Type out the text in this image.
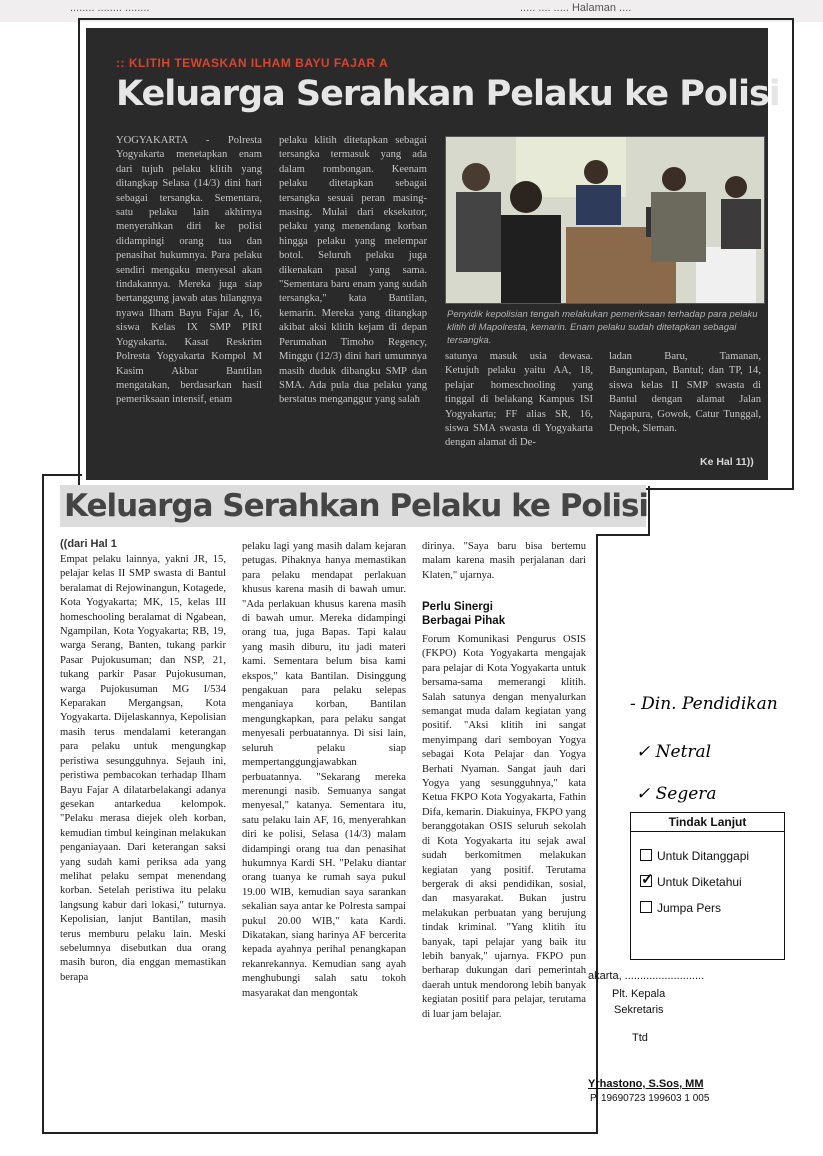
........ ........ ........	..... .... ..... Halaman ....
:: KLITIH TEWASKAN ILHAM BAYU FAJAR A
Keluarga Serahkan Pelaku ke Polisi
YOGYAKARTA - Polresta Yogyakarta menetapkan enam dari tujuh pelaku klitih yang ditangkap Selasa (14/3) dini hari sebagai tersangka. Sementara, satu pelaku lain akhirnya menyerahkan diri ke polisi didampingi orang tua dan penasihat hukumnya. Para pelaku sendiri mengaku menyesal akan tindakannya. Mereka juga siap bertanggung jawab atas hilangnya nyawa Ilham Bayu Fajar A, 16, siswa Kelas IX SMP PIRI Yogyakarta. Kasat Reskrim Polresta Yogyakarta Kompol M Kasim Akbar Bantilan mengatakan, berdasarkan hasil pemeriksaan intensif, enam
pelaku klitih ditetapkan sebagai tersangka termasuk yang ada dalam rombongan. Keenam pelaku ditetapkan sebagai tersangka sesuai peran masing-masing. Mulai dari eksekutor, pelaku yang menendang korban hingga pelaku yang melempar botol. Seluruh pelaku juga dikenakan pasal yang sama. "Sementara baru enam yang sudah tersangka," kata Bantilan, kemarin. Mereka yang ditangkap akibat aksi klitih kejam di depan Perumahan Timoho Regency, Minggu (12/3) dini hari umumnya masih duduk dibangku SMP dan SMA. Ada pula dua pelaku yang berstatus menganggur yang salah
Penyidik kepolisian tengah melakukan pemeriksaan terhadap para pelaku klitih di Mapolresta, kemarin. Enam pelaku sudah ditetapkan sebagai tersangka.
satunya masuk usia dewasa. Ketujuh pelaku yaitu AA, 18, pelajar homeschooling yang tinggal di belakang Kampus ISI Yogyakarta; FF alias SR, 16, siswa SMA swasta di Yogyakarta dengan alamat di De-
ladan Baru, Tamanan, Banguntapan, Bantul; dan TP, 14, siswa kelas II SMP swasta di Bantul dengan alamat Jalan Nagapura, Gowok, Catur Tunggal, Depok, Sleman.
Ke Hal 11))
Keluarga Serahkan Pelaku ke Polisi
((dari Hal 1
Empat pelaku lainnya, yakni JR, 15, pelajar kelas II SMP swasta di Bantul beralamat di Rejowinangun, Kotagede, Kota Yogyakarta; MK, 15, kelas III homeschooling beralamat di Ngabean, Ngampilan, Kota Yogyakarta; RB, 19, warga Serang, Banten, tukang parkir Pasar Pujokusuman; dan NSP, 21, tukang parkir Pasar Pujokusuman, warga Pujokusuman MG I/534 Keparakan Mergangsan, Kota Yogyakarta. Dijelaskannya, Kepolisian masih terus mendalami keterangan para pelaku untuk mengungkap peristiwa sesungguhnya. Sejauh ini, peristiwa pembacokan terhadap Ilham Bayu Fajar A dilatarbelakangi adanya gesekan antarkedua kelompok. "Pelaku merasa diejek oleh korban, kemudian timbul keinginan melakukan penganiayaan. Dari keterangan saksi yang sudah kami periksa ada yang melihat pelaku sempat menendang korban. Setelah peristiwa itu pelaku langsung kabur dari lokasi," tuturnya. Kepolisian, lanjut Bantilan, masih terus memburu pelaku lain. Meski sebelumnya disebutkan dua orang masih buron, dia enggan memastikan berapa
pelaku lagi yang masih dalam kejaran petugas. Pihaknya hanya memastikan para pelaku mendapat perlakuan khusus karena masih di bawah umur. "Ada perlakuan khusus karena masih di bawah umur. Mereka didampingi orang tua, juga Bapas. Tapi kalau yang masih diburu, itu jadi materi kami. Sementara belum bisa kami ekspos," kata Bantilan. Disinggung pengakuan para pelaku selepas menganiaya korban, Bantilan mengungkapkan, para pelaku sangat menyesali perbuatannya. Di sisi lain, seluruh pelaku siap mempertanggungjawabkan perbuatannya. "Sekarang mereka merenungi nasib. Semuanya sangat menyesal," katanya. Sementara itu, satu pelaku lain AF, 16, menyerahkan diri ke polisi, Selasa (14/3) malam didampingi orang tua dan penasihat hukumnya Kardi SH. "Pelaku diantar orang tuanya ke rumah saya pukul 19.00 WIB, kemudian saya sarankan sekalian saya antar ke Polresta sampai pukul 20.00 WIB," kata Kardi. Dikatakan, siang harinya AF bercerita kepada ayahnya perihal penangkapan rekanrekannya. Kemudian sang ayah menghubungi salah satu tokoh masyarakat dan mengontak
dirinya. "Saya baru bisa bertemu malam karena masih perjalanan dari Klaten," ujarnya.
Perlu Sinergi Berbagai Pihak
Forum Komunikasi Pengurus OSIS (FKPO) Kota Yogyakarta mengajak para pelajar di Kota Yogyakarta untuk bersama-sama memerangi klitih. Salah satunya dengan menyalurkan semangat muda dalam kegiatan yang positif. "Aksi klitih ini sangat menyimpang dari semboyan Yogya sebagai Kota Pelajar dan Yogya Berhati Nyaman. Sangat jauh dari Yogya yang sesungguhnya," kata Ketua FKPO Kota Yogyakarta, Fathin Difa, kemarin. Diakuinya, FKPO yang beranggotakan OSIS seluruh sekolah di Kota Yogyakarta itu sejak awal sudah berkomitmen melakukan kegiatan yang positif. Terutama bergerak di aksi pendidikan, sosial, dan masyarakat. Bukan justru melakukan perbuatan yang berujung tindak kriminal. "Yang klitih itu banyak, tapi pelajar yang baik itu lebih banyak," ujarnya. FKPO pun berharap dukungan dari pemerintah daerah untuk mendorong lebih banyak kegiatan positif para pelajar, terutama di luar jam belajar.
- Din. Pendidikan
✓ Netral
✓ Segera
Tindak Lanjut
Untuk Ditanggapi
✓ Untuk Diketahui
Jumpa Pers
akarta, ..........................
Plt. Kepala
Sekretaris
Ttd
Yrhastono, S.Sos, MM
P. 19690723 199603 1 005
